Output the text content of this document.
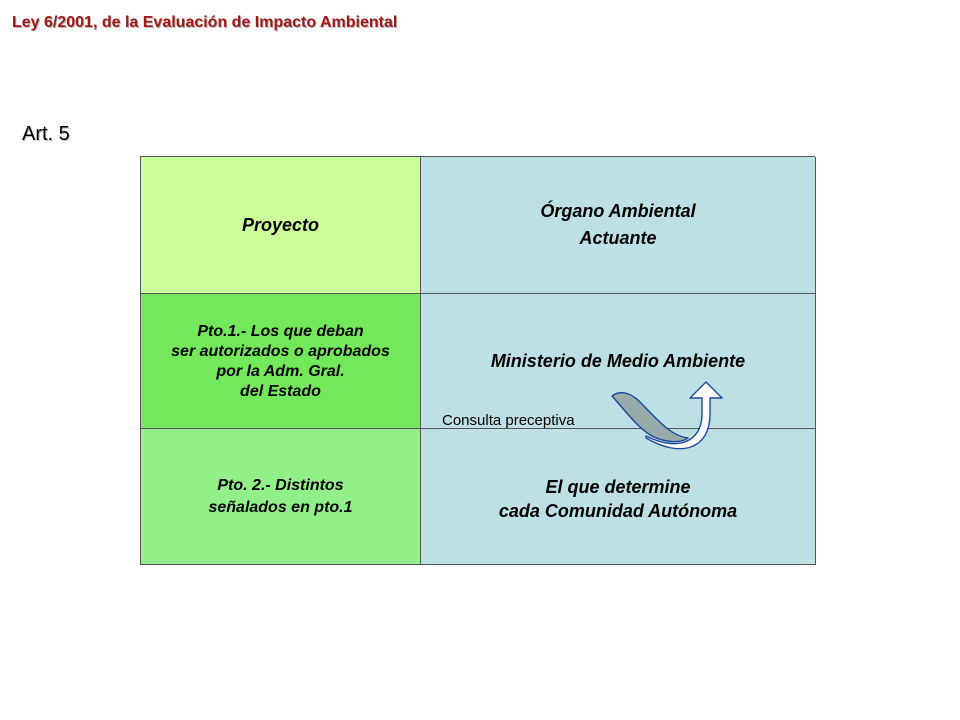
Ley 6/2001, de la Evaluación de Impacto Ambiental
Art. 5
Proyecto
Órgano Ambiental
Actuante
Pto.1.- Los que deban
ser autorizados o aprobados
por la Adm. Gral.
del Estado
Ministerio de Medio Ambiente
Pto. 2.- Distintos
señalados en pto.1
El que determine
cada Comunidad Autónoma
Consulta preceptiva
